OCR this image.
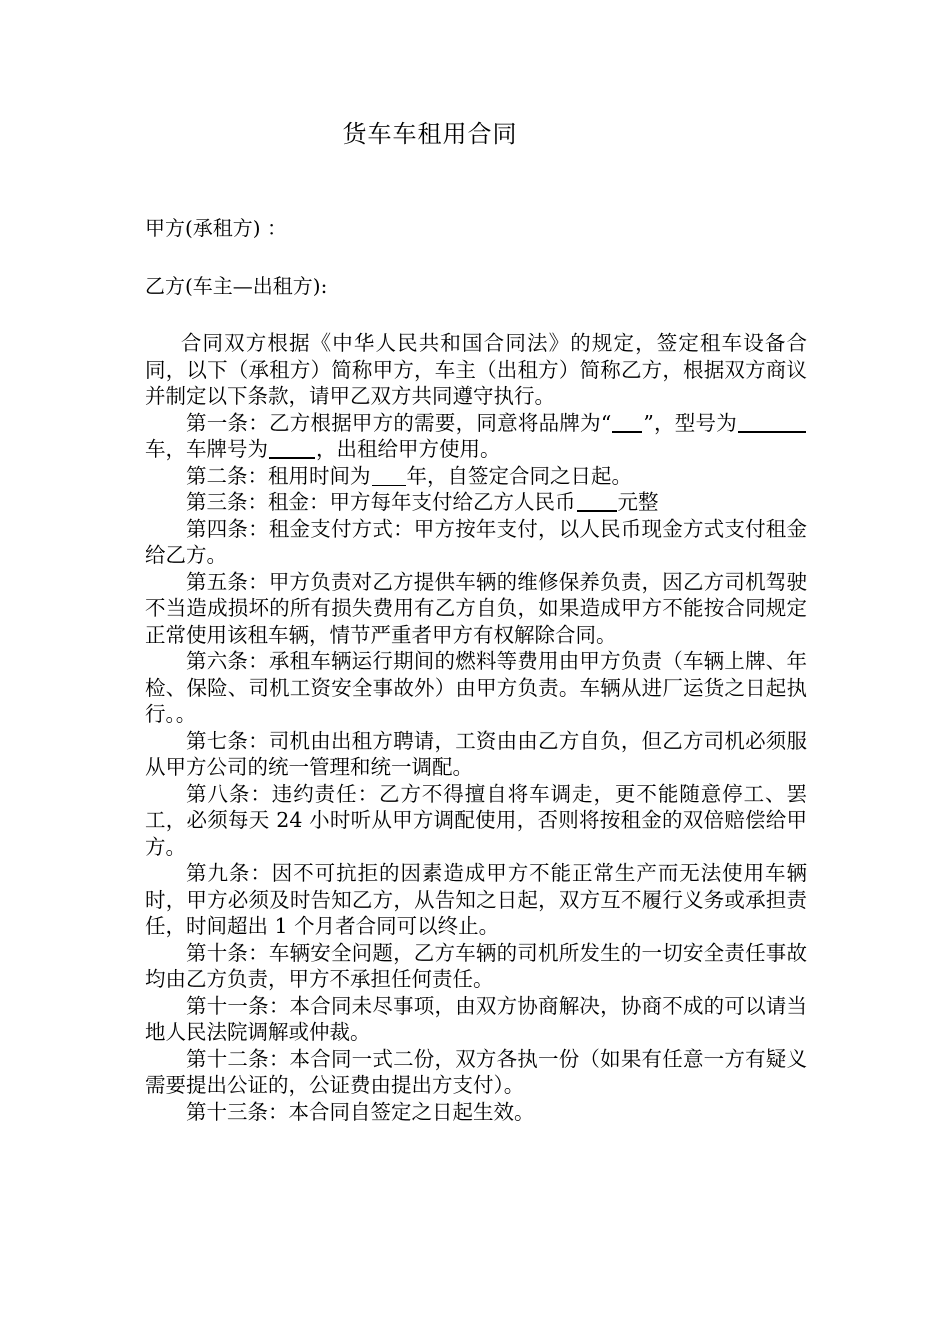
货车车租用合同

甲方(承租方) ：

乙方(车主—出租方):

合同双方根据《中华人民共和国合同法》的规定，签定租车设备合同，以下（承租方）简称甲方，车主（出租方）简称乙方，根据双方商议并制定以下条款，请甲乙双方共同遵守执行。

第一条：乙方根据甲方的需要，同意将品牌为“ ”，型号为车，车牌号为 ，出租给甲方使用。

第二条：租用时间为 年，自签定合同之日起。

第三条：租金：甲方每年支付给乙方人民币 元整

第四条：租金支付方式：甲方按年支付，以人民币现金方式支付租金给乙方。

第五条：甲方负责对乙方提供车辆的维修保养负责，因乙方司机驾驶不当造成损坏的所有损失费用有乙方自负，如果造成甲方不能按合同规定正常使用该租车辆，情节严重者甲方有权解除合同。

第六条：承租车辆运行期间的燃料等费用由甲方负责（车辆上牌、年检、保险、司机工资安全事故外）由甲方负责。车辆从进厂运货之日起执行。。

第七条：司机由出租方聘请，工资由由乙方自负，但乙方司机必须服从甲方公司的统一管理和统一调配。

第八条：违约责任：乙方不得擅自将车调走，更不能随意停工、罢工，必须每天 24 小时听从甲方调配使用，否则将按租金的双倍赔偿给甲方。

第九条：因不可抗拒的因素造成甲方不能正常生产而无法使用车辆时，甲方必须及时告知乙方，从告知之日起，双方互不履行义务或承担责任，时间超出 1 个月者合同可以终止。

第十条：车辆安全问题，乙方车辆的司机所发生的一切安全责任事故均由乙方负责，甲方不承担任何责任。

第十一条：本合同未尽事项，由双方协商解决，协商不成的可以请当地人民法院调解或仲裁。

第十二条：本合同一式二份，双方各执一份（如果有任意一方有疑义需要提出公证的，公证费由提出方支付）。

第十三条：本合同自签定之日起生效。
